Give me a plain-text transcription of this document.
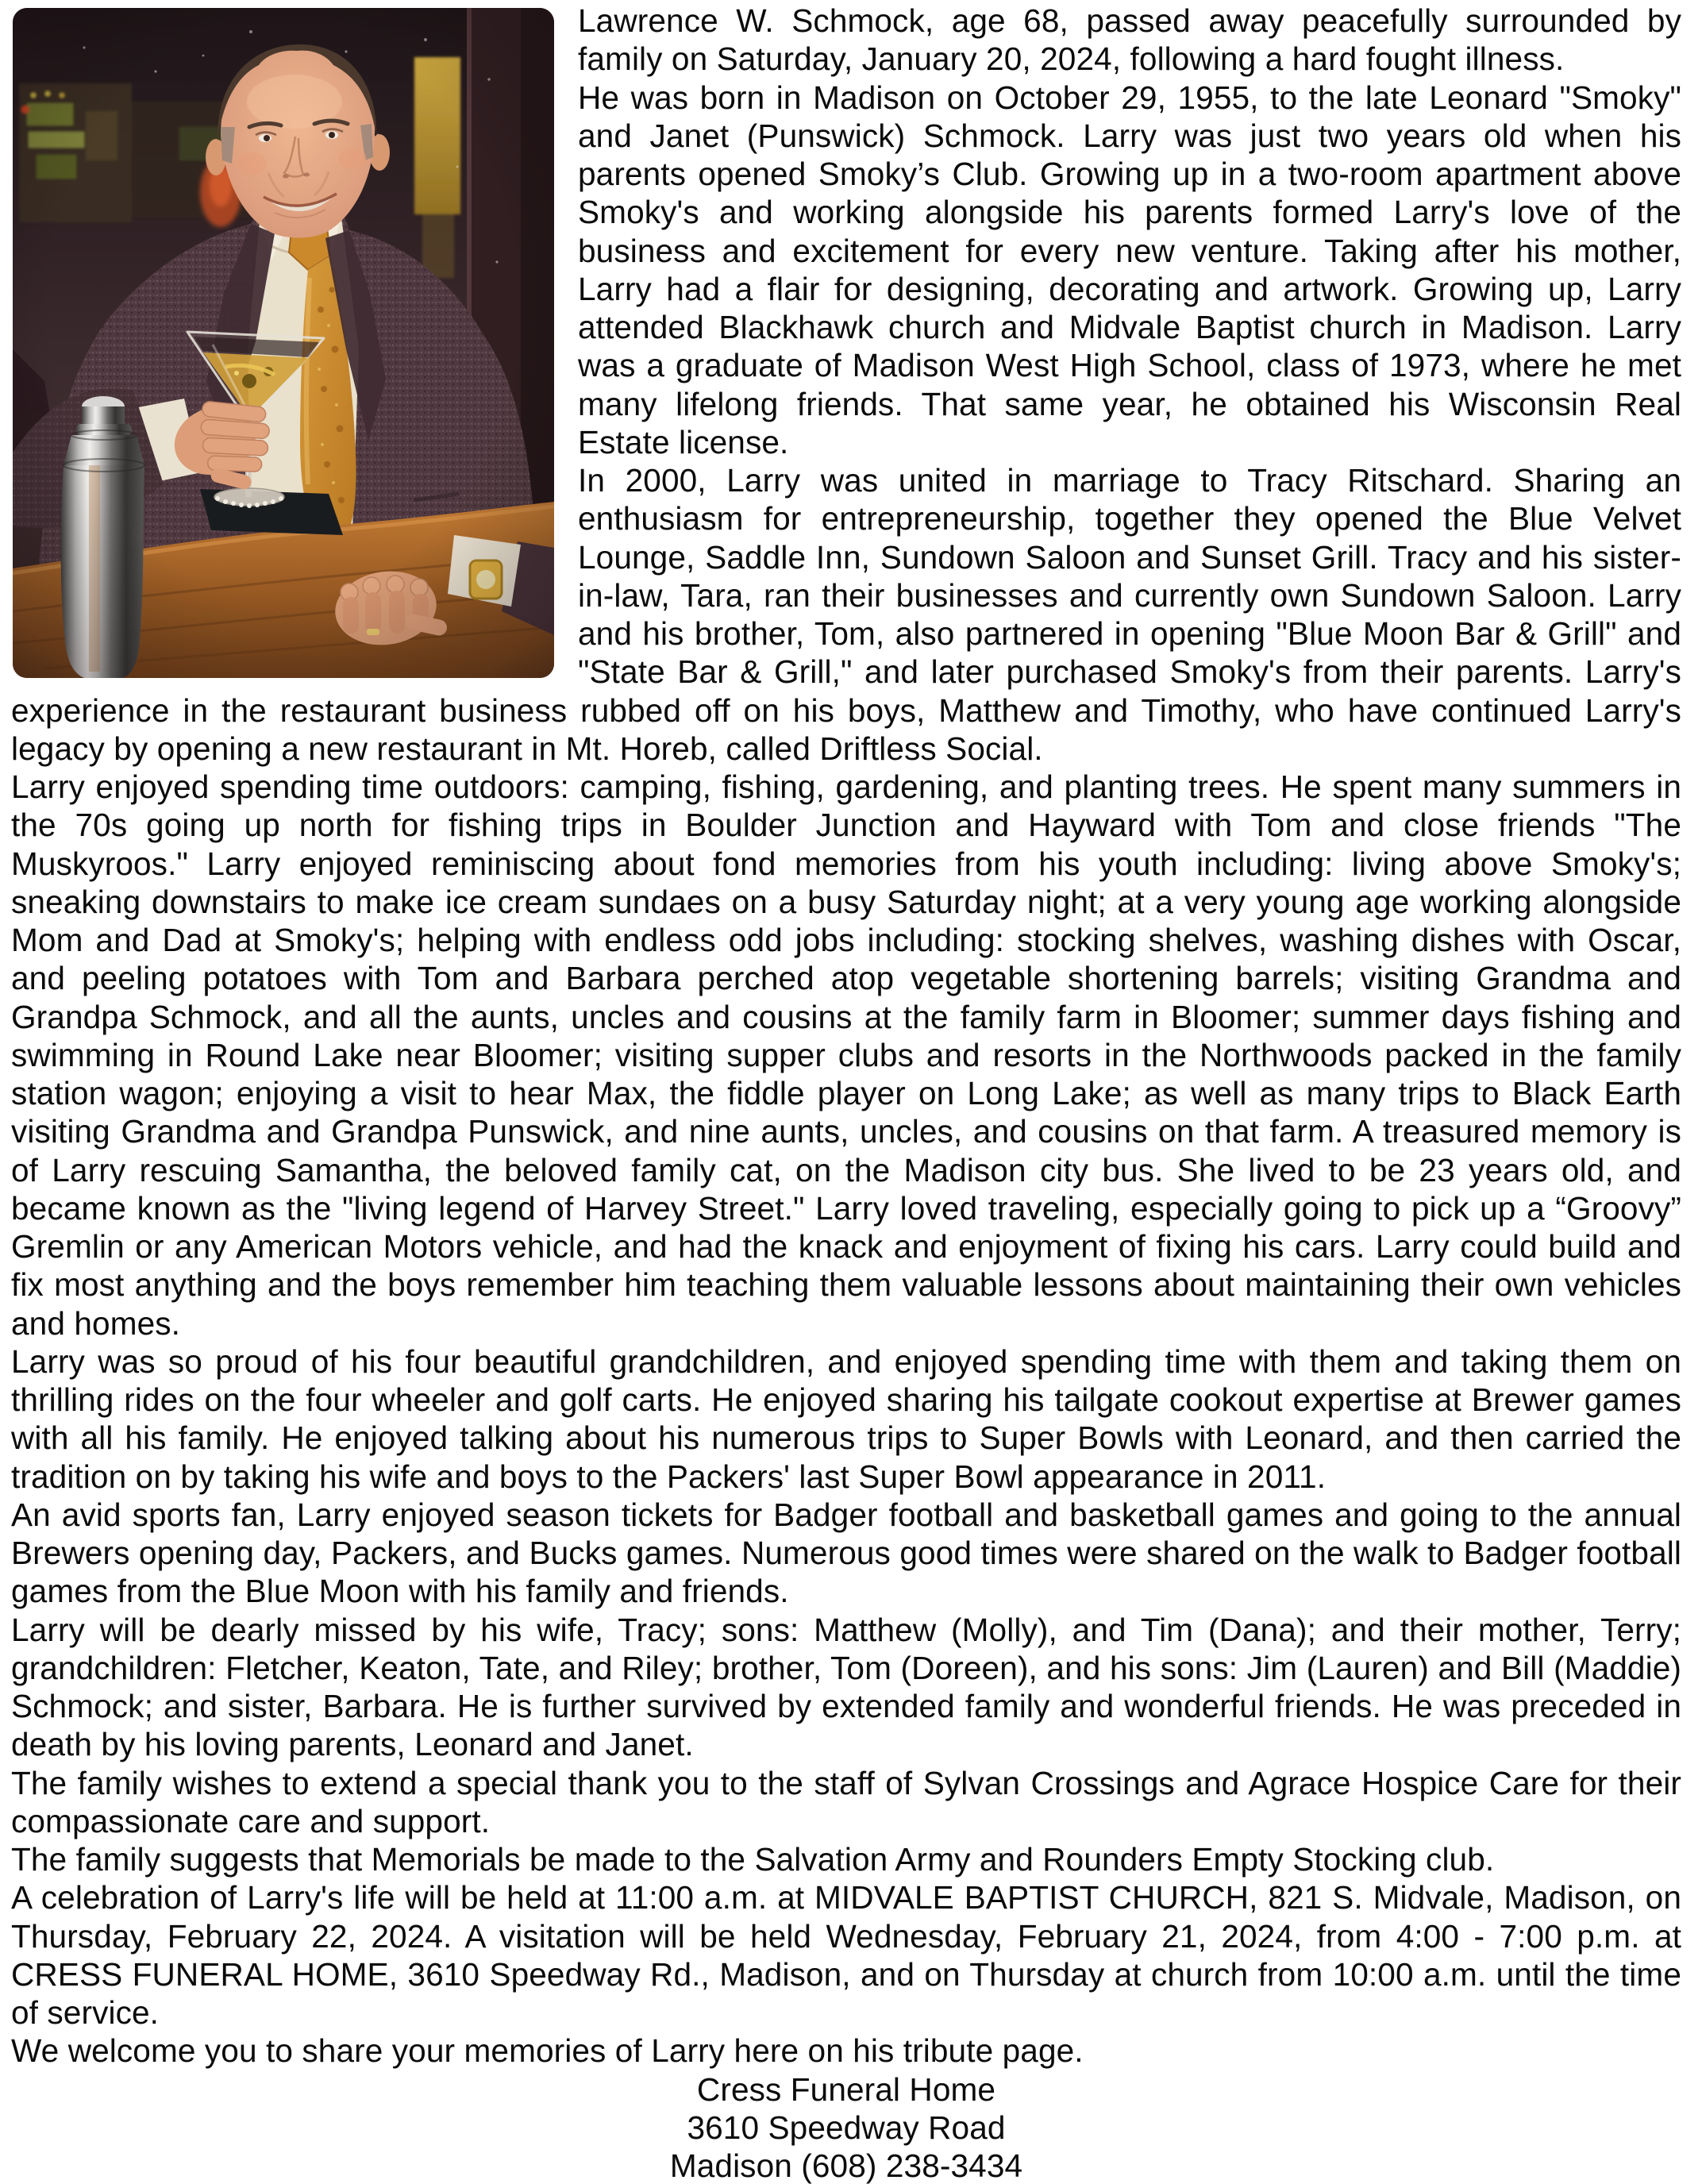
Lawrence W. Schmock, age 68, passed away peacefully surrounded by family on Saturday, January 20, 2024, following a hard fought illness.

He was born in Madison on October 29, 1955, to the late Leonard "Smoky" and Janet (Punswick) Schmock. Larry was just two years old when his parents opened Smoky’s Club. Growing up in a two-room apartment above Smoky's and working alongside his parents formed Larry's love of the business and excitement for every new venture. Taking after his mother, Larry had a flair for designing, decorating and artwork. Growing up, Larry attended Blackhawk church and Midvale Baptist church in Madison. Larry was a graduate of Madison West High School, class of 1973, where he met many lifelong friends. That same year, he obtained his Wisconsin Real Estate license.

In 2000, Larry was united in marriage to Tracy Ritschard. Sharing an enthusiasm for entrepreneurship, together they opened the Blue Velvet Lounge, Saddle Inn, Sundown Saloon and Sunset Grill. Tracy and his sister-in-law, Tara, ran their businesses and currently own Sundown Saloon. Larry and his brother, Tom, also partnered in opening "Blue Moon Bar & Grill" and "State Bar & Grill," and later purchased Smoky's from their parents. Larry's experience in the restaurant business rubbed off on his boys, Matthew and Timothy, who have continued Larry's legacy by opening a new restaurant in Mt. Horeb, called Driftless Social.

Larry enjoyed spending time outdoors: camping, fishing, gardening, and planting trees. He spent many summers in the 70s going up north for fishing trips in Boulder Junction and Hayward with Tom and close friends "The Muskyroos." Larry enjoyed reminiscing about fond memories from his youth including: living above Smoky's; sneaking downstairs to make ice cream sundaes on a busy Saturday night; at a very young age working alongside Mom and Dad at Smoky's; helping with endless odd jobs including: stocking shelves, washing dishes with Oscar, and peeling potatoes with Tom and Barbara perched atop vegetable shortening barrels; visiting Grandma and Grandpa Schmock, and all the aunts, uncles and cousins at the family farm in Bloomer; summer days fishing and swimming in Round Lake near Bloomer; visiting supper clubs and resorts in the Northwoods packed in the family station wagon; enjoying a visit to hear Max, the fiddle player on Long Lake; as well as many trips to Black Earth visiting Grandma and Grandpa Punswick, and nine aunts, uncles, and cousins on that farm. A treasured memory is of Larry rescuing Samantha, the beloved family cat, on the Madison city bus. She lived to be 23 years old, and became known as the "living legend of Harvey Street." Larry loved traveling, especially going to pick up a “Groovy” Gremlin or any American Motors vehicle, and had the knack and enjoyment of fixing his cars. Larry could build and fix most anything and the boys remember him teaching them valuable lessons about maintaining their own vehicles and homes.

Larry was so proud of his four beautiful grandchildren, and enjoyed spending time with them and taking them on thrilling rides on the four wheeler and golf carts. He enjoyed sharing his tailgate cookout expertise at Brewer games with all his family. He enjoyed talking about his numerous trips to Super Bowls with Leonard, and then carried the tradition on by taking his wife and boys to the Packers' last Super Bowl appearance in 2011.

An avid sports fan, Larry enjoyed season tickets for Badger football and basketball games and going to the annual Brewers opening day, Packers, and Bucks games. Numerous good times were shared on the walk to Badger football games from the Blue Moon with his family and friends.

Larry will be dearly missed by his wife, Tracy; sons: Matthew (Molly), and Tim (Dana); and their mother, Terry; grandchildren: Fletcher, Keaton, Tate, and Riley; brother, Tom (Doreen), and his sons: Jim (Lauren) and Bill (Maddie) Schmock; and sister, Barbara. He is further survived by extended family and wonderful friends. He was preceded in death by his loving parents, Leonard and Janet.

The family wishes to extend a special thank you to the staff of Sylvan Crossings and Agrace Hospice Care for their compassionate care and support.

The family suggests that Memorials be made to the Salvation Army and Rounders Empty Stocking club.

A celebration of Larry's life will be held at 11:00 a.m. at MIDVALE BAPTIST CHURCH, 821 S. Midvale, Madison, on Thursday, February 22, 2024. A visitation will be held Wednesday, February 21, 2024, from 4:00 - 7:00 p.m. at CRESS FUNERAL HOME, 3610 Speedway Rd., Madison, and on Thursday at church from 10:00 a.m. until the time of service.

We welcome you to share your memories of Larry here on his tribute page.

Cress Funeral Home

3610 Speedway Road

Madison (608) 238-3434
